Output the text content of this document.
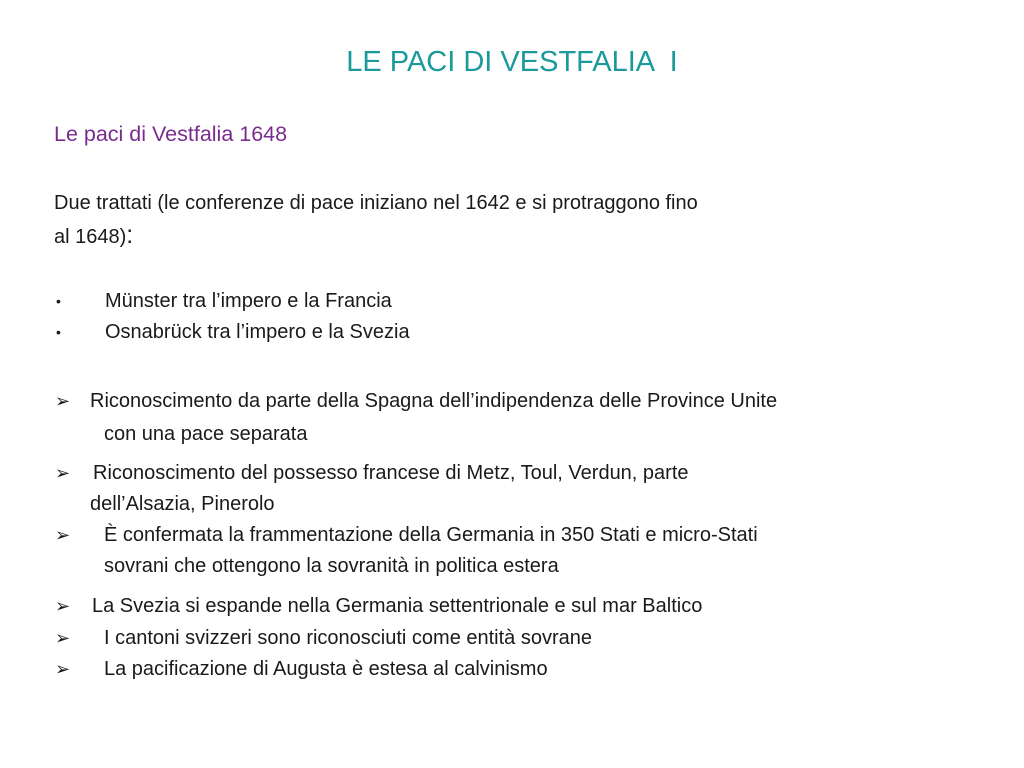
LE PACI DI VESTFALIA  I
Le paci di Vestfalia 1648
Due trattati (le conferenze di pace iniziano nel 1642 e si protraggono fino
al 1648):
• Münster tra l’impero e la Francia
• Osnabrück tra l’impero e la Svezia
➢ Riconoscimento da parte della Spagna dell’indipendenza delle Province Unite
con una pace separata
➢ Riconoscimento del possesso francese di Metz, Toul, Verdun, parte
dell’Alsazia, Pinerolo
➢ È confermata la frammentazione della Germania in 350 Stati e micro-Stati
sovrani che ottengono la sovranità in politica estera
➢ La Svezia si espande nella Germania settentrionale e sul mar Baltico
➢ I cantoni svizzeri sono riconosciuti come entità sovrane
➢ La pacificazione di Augusta è estesa al calvinismo
